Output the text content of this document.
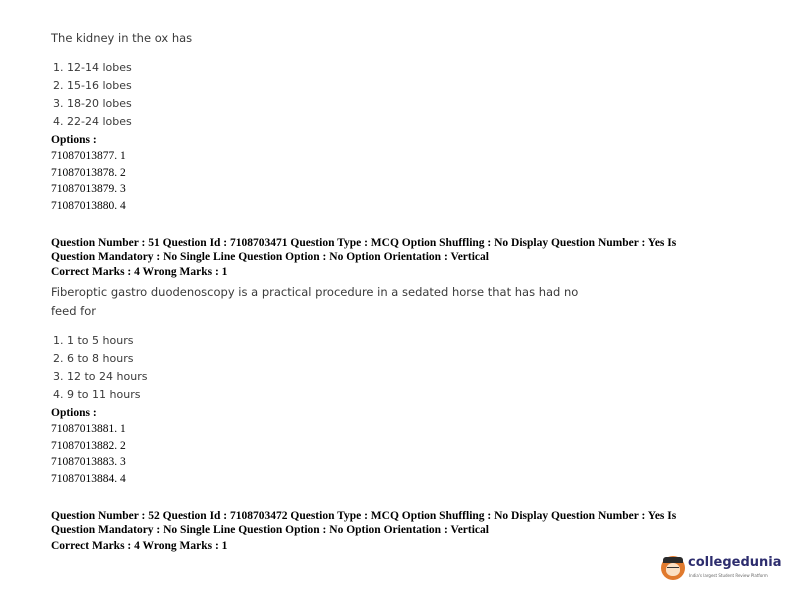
The kidney in the ox has
1. 12-14 lobes
2. 15-16 lobes
3. 18-20 lobes
4. 22-24 lobes
Options :
71087013877. 1
71087013878. 2
71087013879. 3
71087013880. 4
Question Number : 51 Question Id : 7108703471 Question Type : MCQ Option Shuffling : No Display Question Number : Yes Is
Question Mandatory : No Single Line Question Option : No Option Orientation : Vertical
Correct Marks : 4 Wrong Marks : 1
Fiberoptic gastro duodenoscopy is a practical procedure in a sedated horse that has had no
feed for
1. 1 to 5 hours
2. 6 to 8 hours
3. 12 to 24 hours
4. 9 to 11 hours
Options :
71087013881. 1
71087013882. 2
71087013883. 3
71087013884. 4
Question Number : 52 Question Id : 7108703472 Question Type : MCQ Option Shuffling : No Display Question Number : Yes Is
Question Mandatory : No Single Line Question Option : No Option Orientation : Vertical
Correct Marks : 4 Wrong Marks : 1
collegedunia
India's largest Student Review Platform
